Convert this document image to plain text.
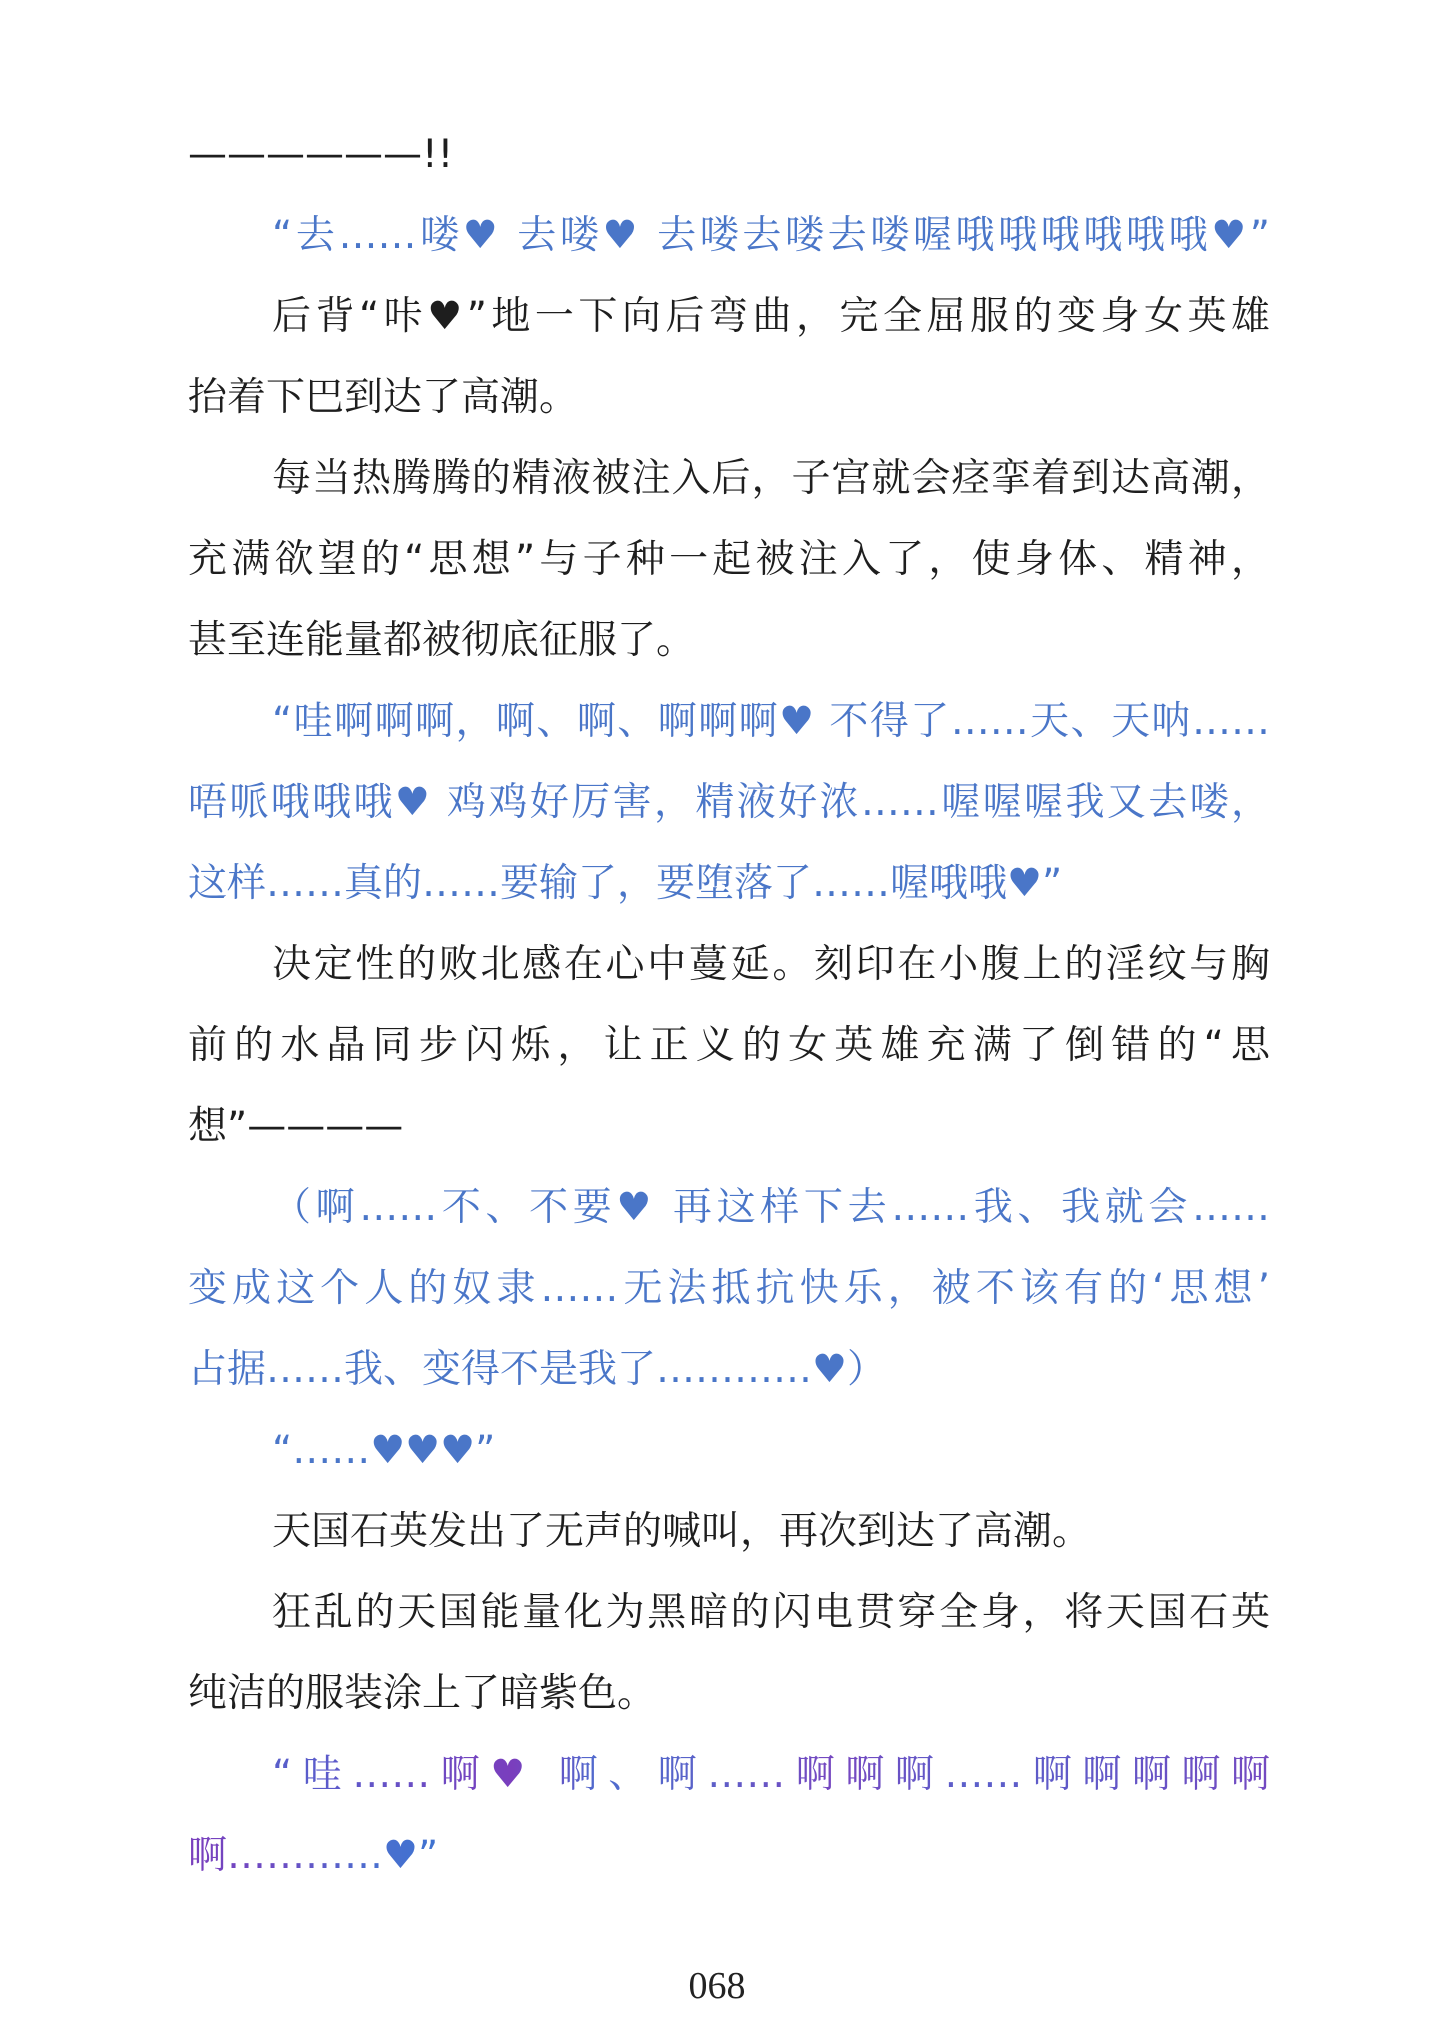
——————!!
“去……喽♥ 去喽♥ 去喽去喽去喽喔哦哦哦哦哦哦♥”
后背“咔♥”地一下向后弯曲，完全屈服的变身女英雄
抬着下巴到达了高潮。
每当热腾腾的精液被注入后，子宫就会痉挛着到达高潮，
充满欲望的“思想”与子种一起被注入了，使身体、精神，
甚至连能量都被彻底征服了。
“哇啊啊啊，啊、啊、啊啊啊♥ 不得了……天、天呐……
唔哌哦哦哦♥ 鸡鸡好厉害，精液好浓……喔喔喔我又去喽，
这样……真的……要输了，要堕落了……喔哦哦♥”
决定性的败北感在心中蔓延。刻印在小腹上的淫纹与胸
前的水晶同步闪烁，让正义的女英雄充满了倒错的“思
想”————
（啊……不、不要♥ 再这样下去……我、我就会……
变成这个人的奴隶……无法抵抗快乐，被不该有的‘思想’
占据……我、变得不是我了…………♥）
“……♥♥♥”
天国石英发出了无声的喊叫，再次到达了高潮。
狂乱的天国能量化为黑暗的闪电贯穿全身，将天国石英
纯洁的服装涂上了暗紫色。
“哇……啊♥ 啊、啊……啊啊啊……啊啊啊啊啊
啊…………♥”
068
